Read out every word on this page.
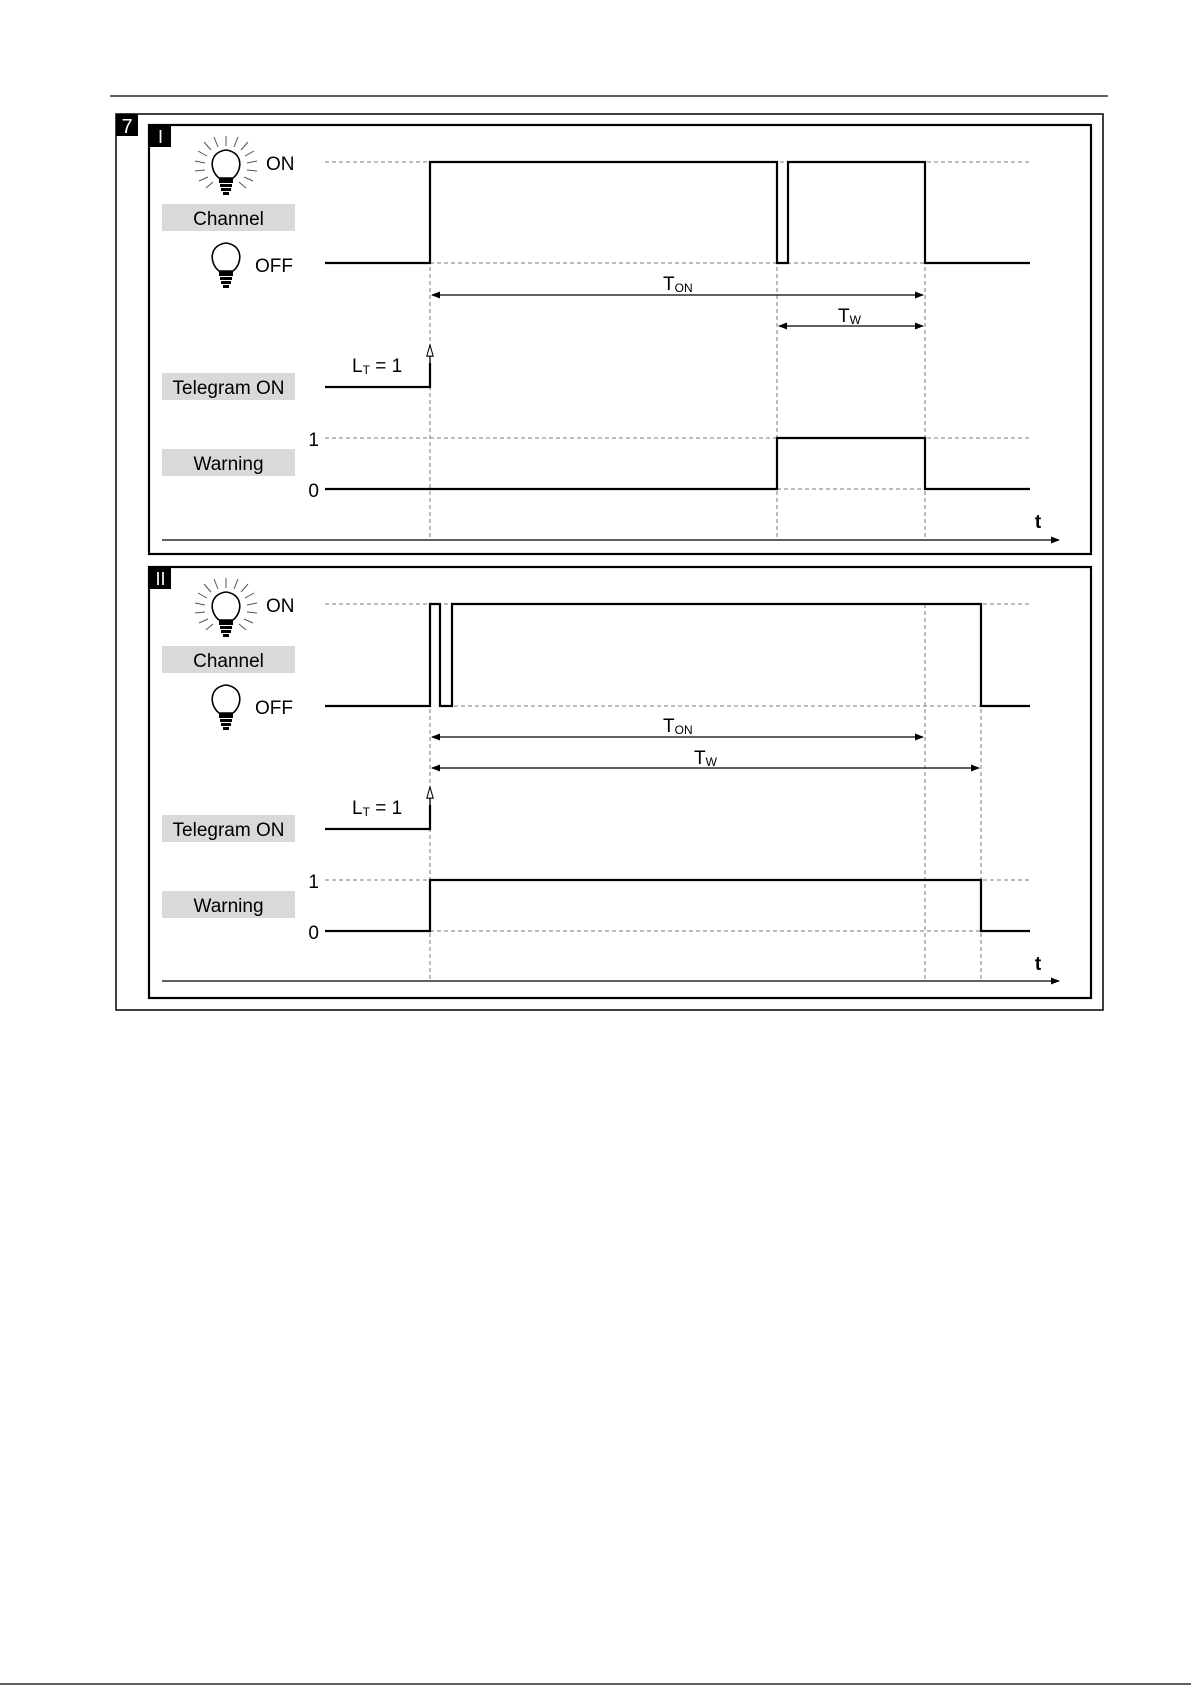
7 I
ON
Channel
OFF
Telegram ON
Warning
1
0
LT = 1
TON
TW
t
II
ON
Channel
OFF
Telegram ON
Warning
1
0
LT = 1
TON
TW
t
